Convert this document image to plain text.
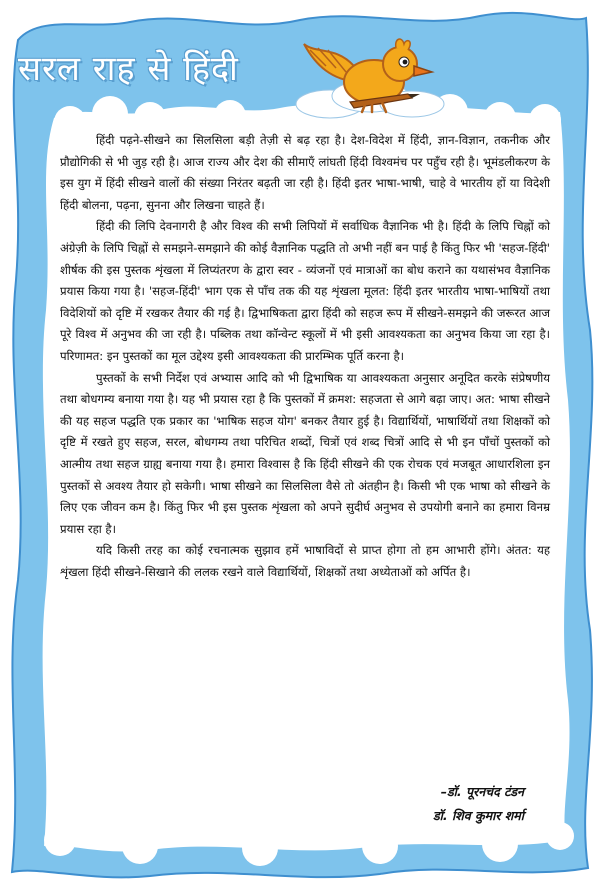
सरल राह से हिंदी

हिंदी पढ़ने-सीखने का सिलसिला बड़ी तेज़ी से बढ़ रहा है। देश-विदेश में हिंदी, ज्ञान-विज्ञान, तकनीक और प्रौद्योगिकी से भी जुड़ रही है। आज राज्य और देश की सीमाएँ लांघती हिंदी विश्वमंच पर पहुँच रही है। भूमंडलीकरण के इस युग में हिंदी सीखने वालों की संख्या निरंतर बढ़ती जा रही है। हिंदी इतर भाषा-भाषी, चाहे वे भारतीय हों या विदेशी हिंदी बोलना, पढ़ना, सुनना और लिखना चाहते हैं।

हिंदी की लिपि देवनागरी है और विश्व की सभी लिपियों में सर्वाधिक वैज्ञानिक भी है। हिंदी के लिपि चिह्नों को अंग्रेज़ी के लिपि चिह्नों से समझने-समझाने की कोई वैज्ञानिक पद्धति तो अभी नहीं बन पाई है किंतु फिर भी 'सहज-हिंदी' शीर्षक की इस पुस्तक शृंखला में लिप्यंतरण के द्वारा स्वर - व्यंजनों एवं मात्राओं का बोध कराने का यथासंभव वैज्ञानिक प्रयास किया गया है। 'सहज-हिंदी' भाग एक से पाँच तक की यह शृंखला मूलत: हिंदी इतर भारतीय भाषा-भाषियों तथा विदेशियों को दृष्टि में रखकर तैयार की गई है। द्विभाषिकता द्वारा हिंदी को सहज रूप में सीखने-समझने की जरूरत आज पूरे विश्व में अनुभव की जा रही है। पब्लिक तथा कॉन्वेन्ट स्कूलों में भी इसी आवश्यकता का अनुभव किया जा रहा है। परिणामत: इन पुस्तकों का मूल उद्देश्य इसी आवश्यकता की प्रारम्भिक पूर्ति करना है।

पुस्तकों के सभी निर्देश एवं अभ्यास आदि को भी द्विभाषिक या आवश्यकता अनुसार अनूदित करके संप्रेषणीय तथा बोधगम्य बनाया गया है। यह भी प्रयास रहा है कि पुस्तकों में क्रमश: सहजता से आगे बढ़ा जाए। अत: भाषा सीखने की यह सहज पद्धति एक प्रकार का 'भाषिक सहज योग' बनकर तैयार हुई है। विद्यार्थियों, भाषार्थियों तथा शिक्षकों को दृष्टि में रखते हुए सहज, सरल, बोधगम्य तथा परिचित शब्दों, चित्रों एवं शब्द चित्रों आदि से भी इन पाँचों पुस्तकों को आत्मीय तथा सहज ग्राह्य बनाया गया है। हमारा विश्वास है कि हिंदी सीखने की एक रोचक एवं मजबूत आधारशिला इन पुस्तकों से अवश्य तैयार हो सकेगी। भाषा सीखने का सिलसिला वैसे तो अंतहीन है। किसी भी एक भाषा को सीखने के लिए एक जीवन कम है। किंतु फिर भी इस पुस्तक शृंखला को अपने सुदीर्घ अनुभव से उपयोगी बनाने का हमारा विनम्र प्रयास रहा है।

यदि किसी तरह का कोई रचनात्मक सुझाव हमें भाषाविदों से प्राप्त होगा तो हम आभारी होंगे। अंतत: यह शृंखला हिंदी सीखने-सिखाने की ललक रखने वाले विद्यार्थियों, शिक्षकों तथा अध्येताओं को अर्पित है।

–डॉ. पूरनचंद टंडन
डॉ. शिव कुमार शर्मा
